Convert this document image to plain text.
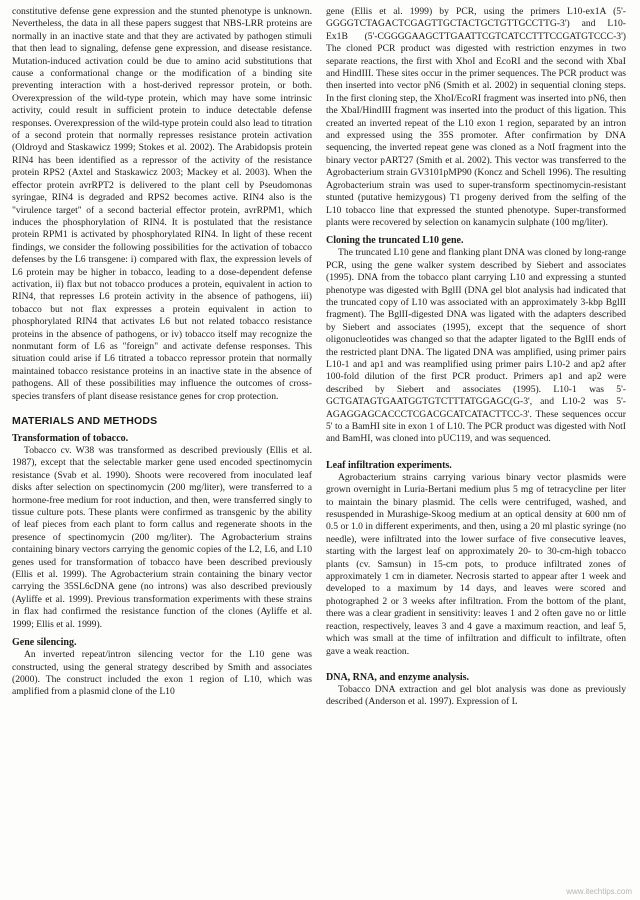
constitutive defense gene expression and the stunted phenotype is unknown. Nevertheless, the data in all these papers suggest that NBS-LRR proteins are normally in an inactive state and that they are activated by pathogen stimuli that then lead to signaling, defense gene expression, and disease resistance. Mutation-induced activation could be due to amino acid substitutions that cause a conformational change or the modification of a binding site preventing interaction with a host-derived repressor protein, or both. Overexpression of the wild-type protein, which may have some intrinsic activity, could result in sufficient protein to induce detectable defense responses. Overexpression of the wild-type protein could also lead to titration of a second protein that normally represses resistance protein activation (Oldroyd and Staskawicz 1999; Stokes et al. 2002). The Arabidopsis protein RIN4 has been identified as a repressor of the activity of the resistance protein RPS2 (Axtel and Staskawicz 2003; Mackey et al. 2003). When the effector protein avrRPT2 is delivered to the plant cell by Pseudomonas syringae, RIN4 is degraded and RPS2 becomes active. RIN4 also is the "virulence target" of a second bacterial effector protein, avrRPM1, which induces the phosphorylation of RIN4. It is postulated that the resistance protein RPM1 is activated by phosphorylated RIN4. In light of these recent findings, we consider the following possibilities for the activation of tobacco defenses by the L6 transgene: i) compared with flax, the expression levels of L6 protein may be higher in tobacco, leading to a dose-dependent defense activation, ii) flax but not tobacco produces a protein, equivalent in action to RIN4, that represses L6 protein activity in the absence of pathogens, iii) tobacco but not flax expresses a protein equivalent in action to phosphorylated RIN4 that activates L6 but not related tobacco resistance proteins in the absence of pathogens, or iv) tobacco itself may recognize the nonmutant form of L6 as "foreign" and activate defense responses. This situation could arise if L6 titrated a tobacco repressor protein that normally maintained tobacco resistance proteins in an inactive state in the absence of pathogens. All of these possibilities may influence the outcomes of cross-species transfers of plant disease resistance genes for crop protection.

MATERIALS AND METHODS
Transformation of tobacco.

Tobacco cv. W38 was transformed as described previously (Ellis et al. 1987), except that the selectable marker gene used encoded spectinomycin resistance (Svab et al. 1990). Shoots were recovered from inoculated leaf disks after selection on spectinomycin (200 mg/liter), were transferred to a hormone-free medium for root induction, and then, were transferred singly to tissue culture pots. These plants were confirmed as transgenic by the ability of leaf pieces from each plant to form callus and regenerate shoots in the presence of spectinomycin (200 mg/liter). The Agrobacterium strains containing binary vectors carrying the genomic copies of the L2, L6, and L10 genes used for transformation of tobacco have been described previously (Ellis et al. 1999). The Agrobacterium strain containing the binary vector carrying the 35SL6cDNA gene (no introns) was also described previously (Ayliffe et al. 1999). Previous transformation experiments with these strains in flax had confirmed the resistance function of the clones (Ayliffe et al. 1999; Ellis et al. 1999).

Gene silencing.

An inverted repeat/intron silencing vector for the L10 gene was constructed, using the general strategy described by Smith and associates (2000). The construct included the exon 1 region of L10, which was amplified from a plasmid clone of the L10

gene (Ellis et al. 1999) by PCR, using the primers L10-ex1A (5'-GGGGTCTAGACTCGAGTTGCTACTGCTGTTGCCTTG-3') and L10-Ex1B (5'-CGGGGAAGCTTGAATTCGTCATCCTTTCCGATGTCCC-3') The cloned PCR product was digested with restriction enzymes in two separate reactions, the first with XhoI and EcoRI and the second with XbaI and HindIII. These sites occur in the primer sequences. The PCR product was then inserted into vector pN6 (Smith et al. 2002) in sequential cloning steps. In the first cloning step, the XhoI/EcoRI fragment was inserted into pN6, then the XbaI/HindIII fragment was inserted into the product of this ligation. This created an inverted repeat of the L10 exon 1 region, separated by an intron and expressed using the 35S promoter. After confirmation by DNA sequencing, the inverted repeat gene was cloned as a NotI fragment into the binary vector pART27 (Smith et al. 2002). This vector was transferred to the Agrobacterium strain GV3101pMP90 (Koncz and Schell 1996). The resulting Agrobacterium strain was used to super-transform spectinomycin-resistant stunted (putative hemizygous) T1 progeny derived from the selfing of the L10 tobacco line that expressed the stunted phenotype. Super-transformed plants were recovered by selection on kanamycin sulphate (100 mg/liter).

Cloning the truncated L10 gene.

The truncated L10 gene and flanking plant DNA was cloned by long-range PCR, using the gene walker system described by Siebert and associates (1995). DNA from the tobacco plant carrying L10 and expressing a stunted phenotype was digested with BglII (DNA gel blot analysis had indicated that the truncated copy of L10 was associated with an approximately 3-kbp BglII fragment). The BglII-digested DNA was ligated with the adapters described by Siebert and associates (1995), except that the sequence of short oligonucleotides was changed so that the adapter ligated to the BglII ends of the restricted plant DNA. The ligated DNA was amplified, using primer pairs L10-1 and ap1 and was reamplified using primer pairs L10-2 and ap2 after 100-fold dilution of the first PCR product. Primers ap1 and ap2 were described by Siebert and associates (1995). L10-1 was 5'-GCTGATAGTGAATGGTGTCTTTATGGAGC(G-3', and L10-2 was 5'-AGAGGAGCACCCTCGACGCATCATACTTCC-3'. These sequences occur 5' to a BamHI site in exon 1 of L10. The PCR product was digested with NotI and BamHI, was cloned into pUC119, and was sequenced.

Leaf infiltration experiments.

Agrobacterium strains carrying various binary vector plasmids were grown overnight in Luria-Bertani medium plus 5 mg of tetracycline per liter to maintain the binary plasmid. The cells were centrifuged, washed, and resuspended in Murashige-Skoog medium at an optical density at 600 nm of 0.5 or 1.0 in different experiments, and then, using a 20 ml plastic syringe (no needle), were infiltrated into the lower surface of five consecutive leaves, starting with the largest leaf on approximately 20- to 30-cm-high tobacco plants (cv. Samsun) in 15-cm pots, to produce infiltrated zones of approximately 1 cm in diameter. Necrosis started to appear after 1 week and developed to a maximum by 14 days, and leaves were scored and photographed 2 or 3 weeks after infiltration. From the bottom of the plant, there was a clear gradient in sensitivity: leaves 1 and 2 often gave no or little reaction, respectively, leaves 3 and 4 gave a maximum reaction, and leaf 5, which was small at the time of infiltration and difficult to infiltrate, often gave a weak reaction.

DNA, RNA, and enzyme analysis.

Tobacco DNA extraction and gel blot analysis was done as previously described (Anderson et al. 1997). Expression of L

www.itechtips.com
